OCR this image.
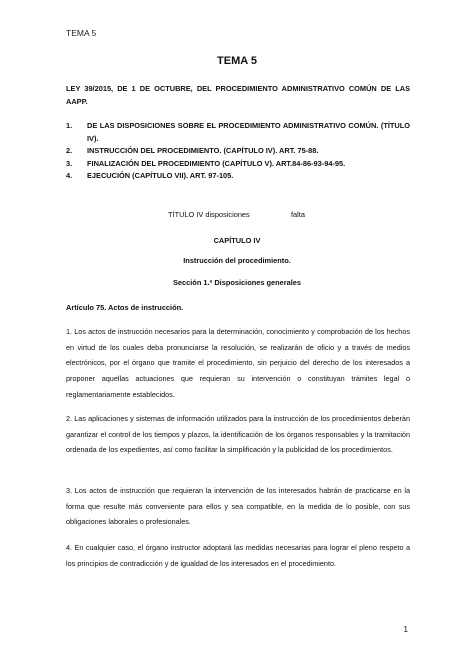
TEMA 5
TEMA 5
LEY 39/2015, DE 1 DE OCTUBRE, DEL PROCEDIMIENTO ADMINISTRATIVO COMÚN DE LAS AAPP.
1. DE LAS DISPOSICIONES SOBRE EL PROCEDIMIENTO ADMINISTRATIVO COMÚN. (TÍTULO IV).
2. INSTRUCCIÓN DEL PROCEDIMIENTO. (CAPÍTULO IV). ART. 75-88.
3. FINALIZACIÓN DEL PROCEDIMIENTO (CAPÍTULO V). ART.84-86-93-94-95.
4. EJECUCIÓN (CAPÍTULO VII). ART. 97-105.
TÍTULO IV disposiciones	falta
CAPÍTULO IV
Instrucción del procedimiento.
Sección 1.ª Disposiciones generales
Artículo 75. Actos de instrucción.
1. Los actos de instrucción necesarios para la determinación, conocimiento y comprobación de los hechos en virtud de los cuales deba pronunciarse la resolución, se realizarán de oficio y a través de medios electrónicos, por el órgano que tramite el procedimiento, sin perjuicio del derecho de los interesados a proponer aquellas actuaciones que requieran su intervención o constituyan trámites legal o reglamentariamente establecidos.
2. Las aplicaciones y sistemas de información utilizados para la instrucción de los procedimientos deberán garantizar el control de los tiempos y plazos, la identificación de los órganos responsables y la tramitación ordenada de los expedientes, así como facilitar la simplificación y la publicidad de los procedimientos.
3. Los actos de instrucción que requieran la intervención de los interesados habrán de practicarse en la forma que resulte más conveniente para ellos y sea compatible, en la medida de lo posible, con sus obligaciones laborales o profesionales.
4. En cualquier caso, el órgano instructor adoptará las medidas necesarias para lograr el pleno respeto a los principios de contradicción y de igualdad de los interesados en el procedimiento.
1
